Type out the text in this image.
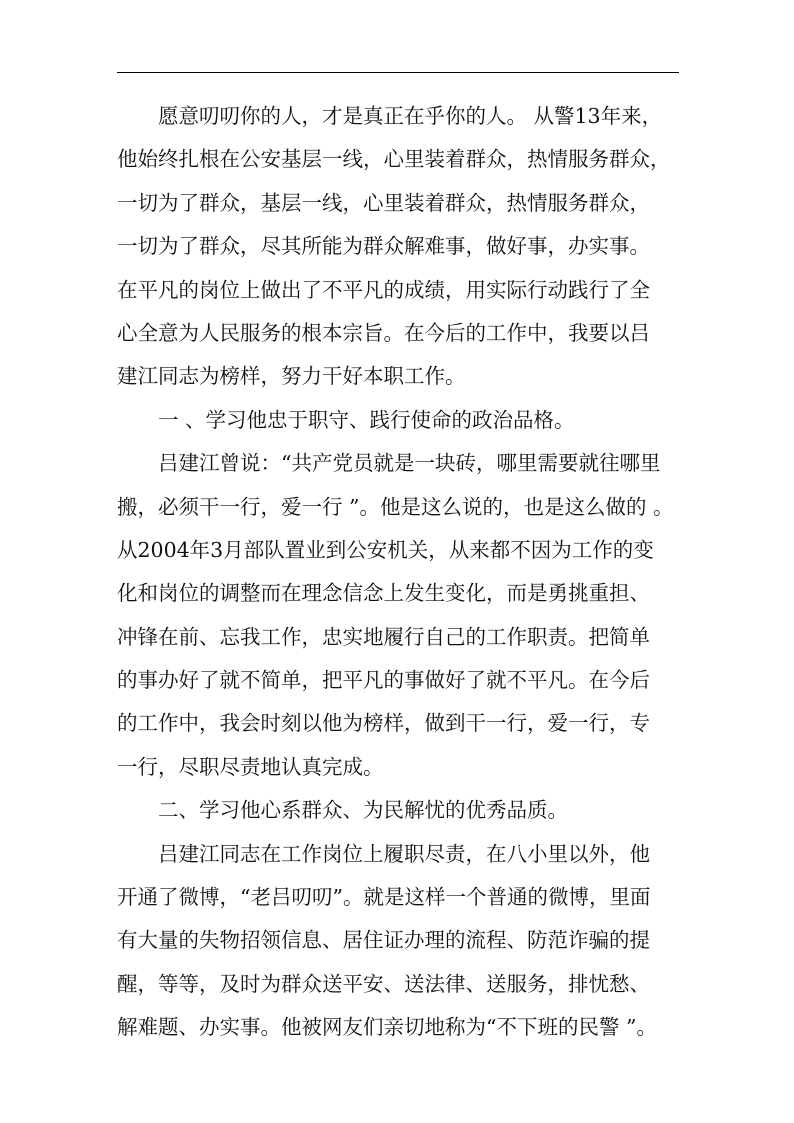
愿意叨叨你的人，才是真正在乎你的人。 从警13年来，
他始终扎根在公安基层一线，心里装着群众，热情服务群众，
一切为了群众，基层一线，心里装着群众，热情服务群众，
一切为了群众，尽其所能为群众解难事，做好事，办实事。
在平凡的岗位上做出了不平凡的成绩，用实际行动践行了全
心全意为人民服务的根本宗旨。在今后的工作中，我要以吕
建江同志为榜样，努力干好本职工作。
一 、学习他忠于职守、践行使命的政治品格。
吕建江曾说：“共产党员就是一块砖，哪里需要就往哪里
搬，必须干一行，爱一行 ”。他是这么说的，也是这么做的 。
从2004年3月部队置业到公安机关，从来都不因为工作的变
化和岗位的调整而在理念信念上发生变化，而是勇挑重担、
冲锋在前、忘我工作，忠实地履行自己的工作职责。把简单
的事办好了就不简单，把平凡的事做好了就不平凡。在今后
的工作中，我会时刻以他为榜样，做到干一行，爱一行，专
一行，尽职尽责地认真完成。
二、学习他心系群众、为民解忧的优秀品质。
吕建江同志在工作岗位上履职尽责，在八小里以外，他
开通了微博，“老吕叨叨”。就是这样一个普通的微博，里面
有大量的失物招领信息、居住证办理的流程、防范诈骗的提
醒，等等，及时为群众送平安、送法律、送服务，排忧愁、
解难题、办实事。他被网友们亲切地称为“不下班的民警 ”。
